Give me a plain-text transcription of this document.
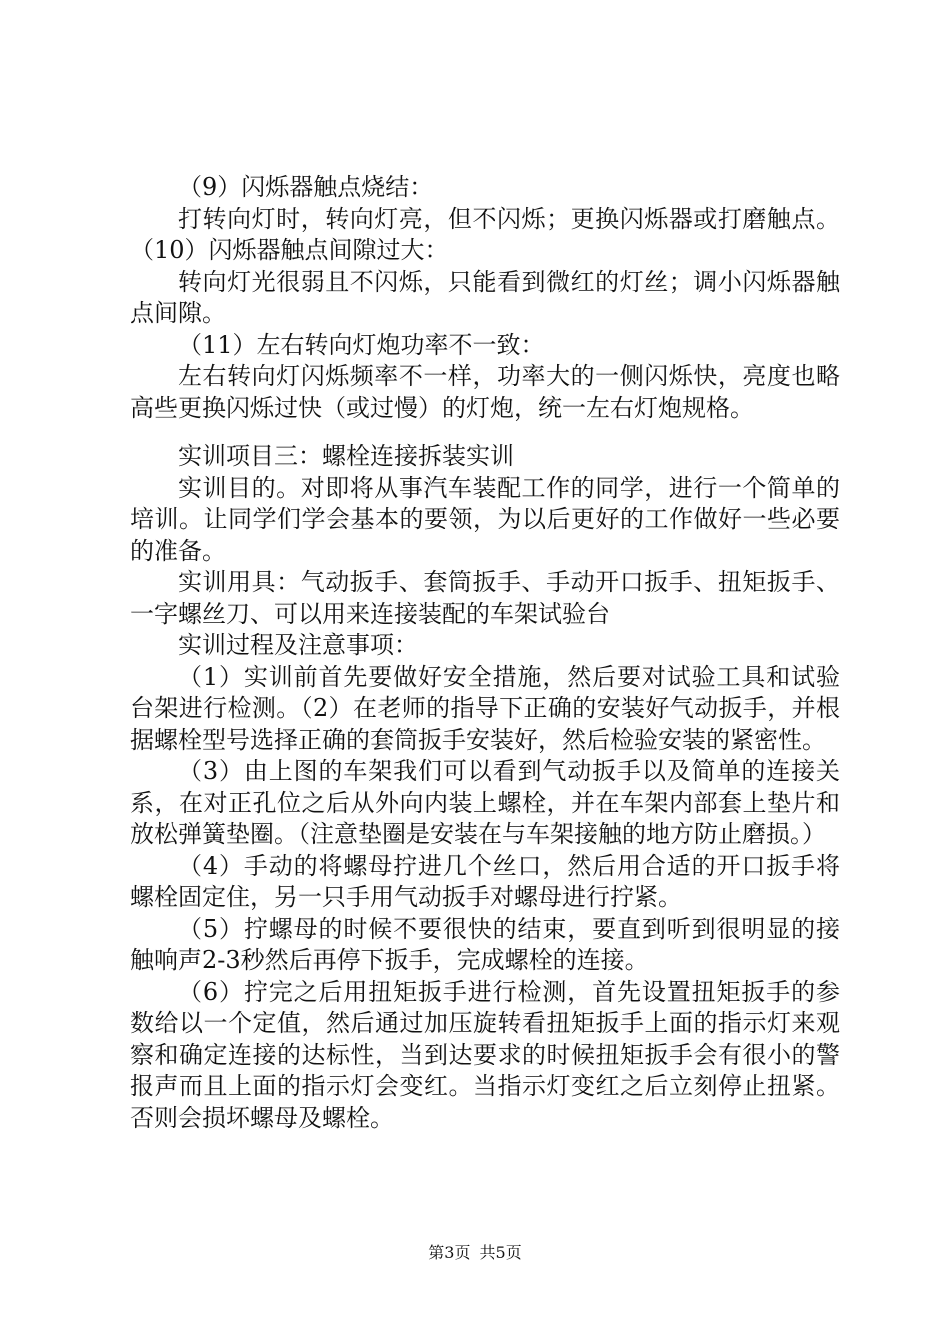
（9）闪烁器触点烧结：

打转向灯时，转向灯亮，但不闪烁；更换闪烁器或打磨触点。（10）闪烁器触点间隙过大：

转向灯光很弱且不闪烁，只能看到微红的灯丝；调小闪烁器触点间隙。

（11）左右转向灯炮功率不一致：

左右转向灯闪烁频率不一样，功率大的一侧闪烁快，亮度也略高些更换闪烁过快（或过慢）的灯炮，统一左右灯炮规格。

实训项目三：螺栓连接拆装实训

实训目的。对即将从事汽车装配工作的同学，进行一个简单的培训。让同学们学会基本的要领，为以后更好的工作做好一些必要的准备。

实训用具：气动扳手、套筒扳手、手动开口扳手、扭矩扳手、一字螺丝刀、可以用来连接装配的车架试验台

实训过程及注意事项：

（1）实训前首先要做好安全措施，然后要对试验工具和试验台架进行检测。（2）在老师的指导下正确的安装好气动扳手，并根据螺栓型号选择正确的套筒扳手安装好，然后检验安装的紧密性。

（3）由上图的车架我们可以看到气动扳手以及简单的连接关系，在对正孔位之后从外向内装上螺栓，并在车架内部套上垫片和放松弹簧垫圈。（注意垫圈是安装在与车架接触的地方防止磨损。）

（4）手动的将螺母拧进几个丝口，然后用合适的开口扳手将螺栓固定住，另一只手用气动扳手对螺母进行拧紧。

（5）拧螺母的时候不要很快的结束，要直到听到很明显的接触响声2-3秒然后再停下扳手，完成螺栓的连接。

（6）拧完之后用扭矩扳手进行检测，首先设置扭矩扳手的参数给以一个定值，然后通过加压旋转看扭矩扳手上面的指示灯来观察和确定连接的达标性，当到达要求的时候扭矩扳手会有很小的警报声而且上面的指示灯会变红。当指示灯变红之后立刻停止扭紧。否则会损坏螺母及螺栓。

第3页 共5页
